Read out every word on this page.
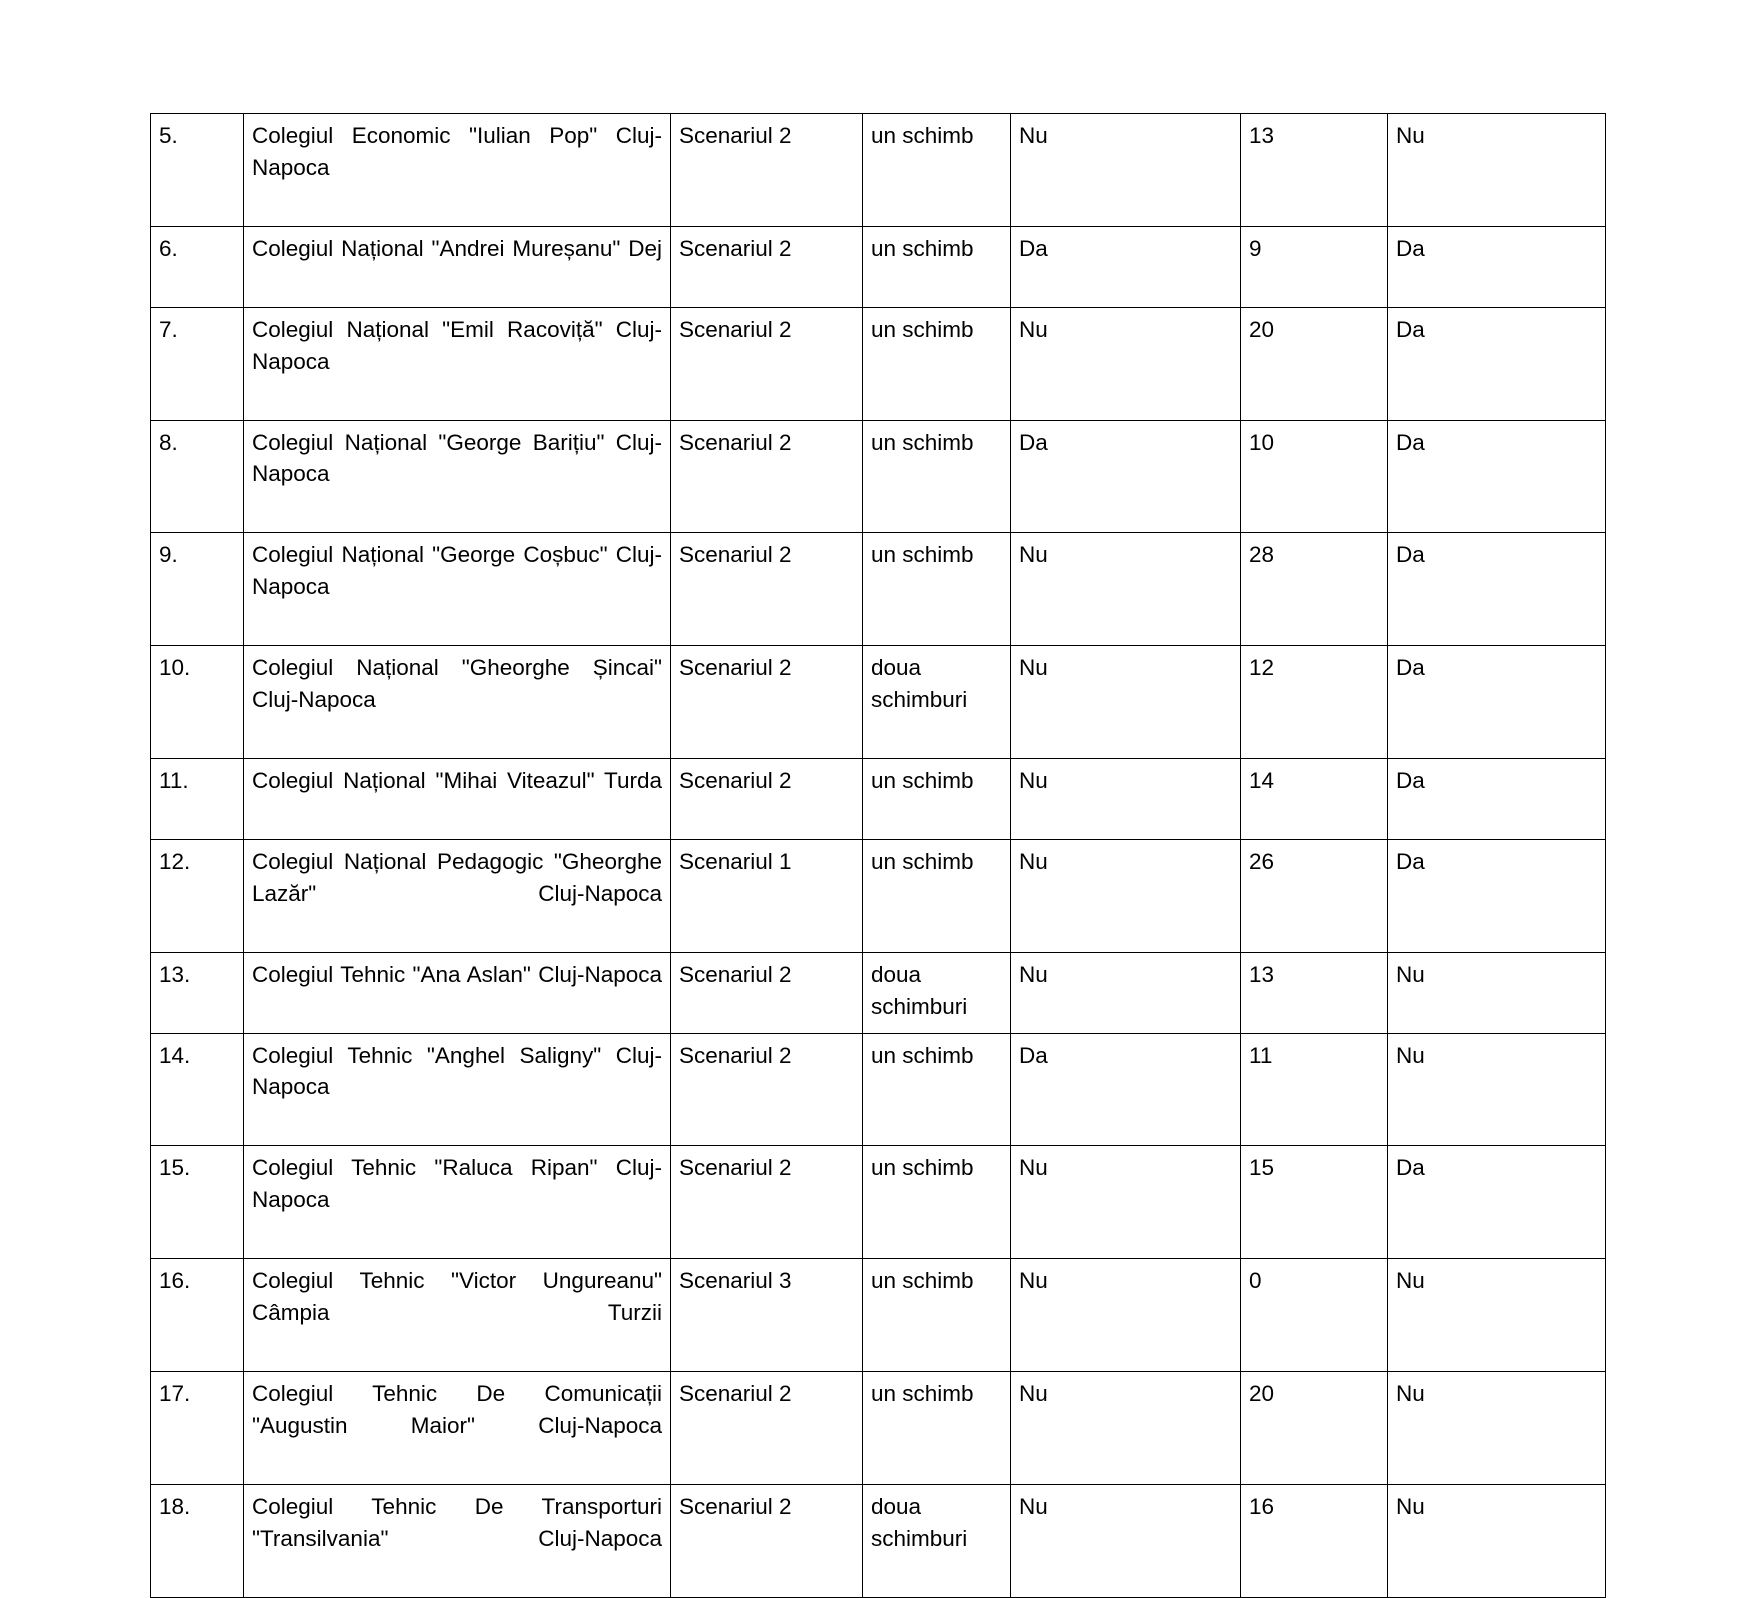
5.	Colegiul Economic "Iulian Pop" Cluj-Napoca	Scenariul 2	un schimb	Nu	13	Nu
6.	Colegiul Național "Andrei Mureșanu" Dej	Scenariul 2	un schimb	Da	9	Da
7.	Colegiul Național "Emil Racoviță" Cluj-Napoca	Scenariul 2	un schimb	Nu	20	Da
8.	Colegiul Național "George Barițiu" Cluj-Napoca	Scenariul 2	un schimb	Da	10	Da
9.	Colegiul Național "George Coșbuc" Cluj-Napoca	Scenariul 2	un schimb	Nu	28	Da
10.	Colegiul Național "Gheorghe Șincai" Cluj-Napoca	Scenariul 2	doua schimburi	Nu	12	Da
11.	Colegiul Național "Mihai Viteazul" Turda	Scenariul 2	un schimb	Nu	14	Da
12.	Colegiul Național Pedagogic "Gheorghe Lazăr" Cluj-Napoca	Scenariul 1	un schimb	Nu	26	Da
13.	Colegiul Tehnic "Ana Aslan" Cluj-Napoca	Scenariul 2	doua schimburi	Nu	13	Nu
14.	Colegiul Tehnic "Anghel Saligny" Cluj-Napoca	Scenariul 2	un schimb	Da	11	Nu
15.	Colegiul Tehnic "Raluca Ripan" Cluj-Napoca	Scenariul 2	un schimb	Nu	15	Da
16.	Colegiul Tehnic "Victor Ungureanu" Câmpia Turzii	Scenariul 3	un schimb	Nu	0	Nu
17.	Colegiul Tehnic De Comunicații "Augustin Maior" Cluj-Napoca	Scenariul 2	un schimb	Nu	20	Nu
18.	Colegiul Tehnic De Transporturi "Transilvania" Cluj-Napoca	Scenariul 2	doua schimburi	Nu	16	Nu
